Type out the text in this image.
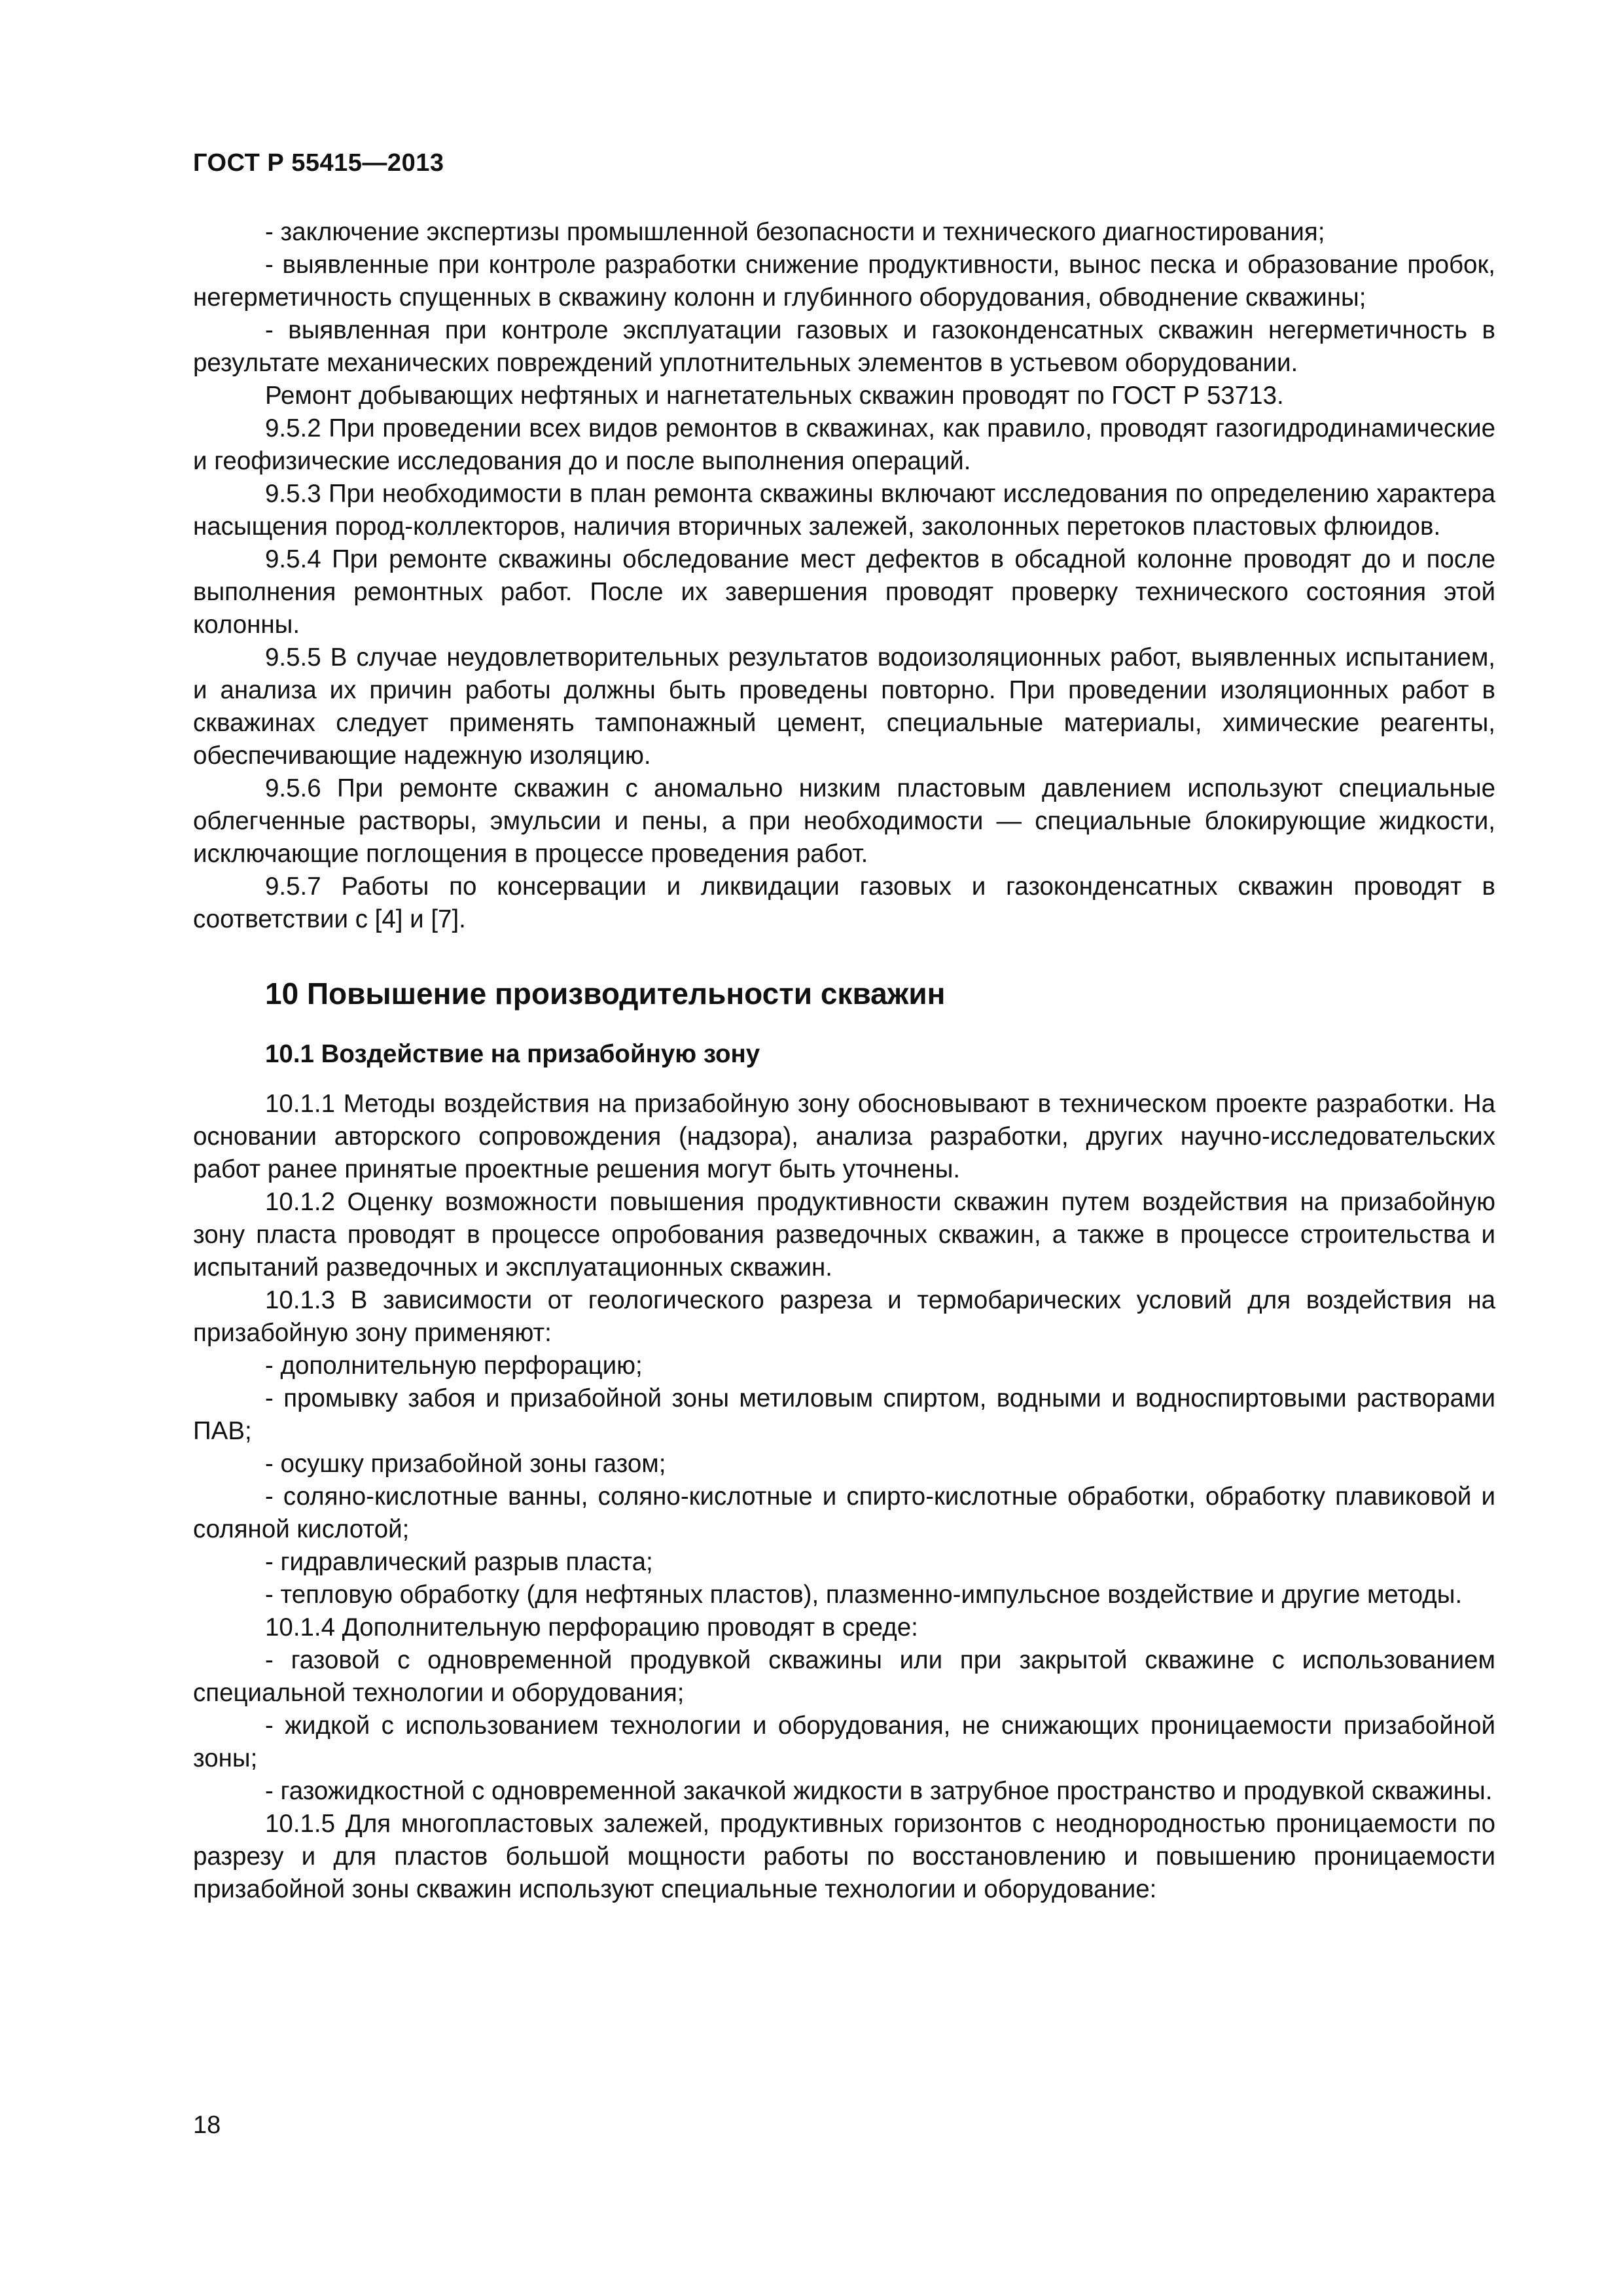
ГОСТ Р 55415—2013

- заключение экспертизы промышленной безопасности и технического диагностирования;

- выявленные при контроле разработки снижение продуктивности, вынос песка и образование пробок, негерметичность спущенных в скважину колонн и глубинного оборудования, обводнение скважины;

- выявленная при контроле эксплуатации газовых и газоконденсатных скважин негерметичность в результате механических повреждений уплотнительных элементов в устьевом оборудовании.

Ремонт добывающих нефтяных и нагнетательных скважин проводят по ГОСТ Р 53713.

9.5.2 При проведении всех видов ремонтов в скважинах, как правило, проводят газогидродинамические и геофизические исследования до и после выполнения операций.

9.5.3 При необходимости в план ремонта скважины включают исследования по определению характера насыщения пород-коллекторов, наличия вторичных залежей, заколонных перетоков пластовых флюидов.

9.5.4 При ремонте скважины обследование мест дефектов в обсадной колонне проводят до и после выполнения ремонтных работ. После их завершения проводят проверку технического состояния этой колонны.

9.5.5 В случае неудовлетворительных результатов водоизоляционных работ, выявленных испытанием, и анализа их причин работы должны быть проведены повторно. При проведении изоляционных работ в скважинах следует применять тампонажный цемент, специальные материалы, химические реагенты, обеспечивающие надежную изоляцию.

9.5.6 При ремонте скважин с аномально низким пластовым давлением используют специальные облегченные растворы, эмульсии и пены, а при необходимости — специальные блокирующие жидкости, исключающие поглощения в процессе проведения работ.

9.5.7 Работы по консервации и ликвидации газовых и газоконденсатных скважин проводят в соответствии с [4] и [7].

10 Повышение производительности скважин
10.1 Воздействие на призабойную зону

10.1.1 Методы воздействия на призабойную зону обосновывают в техническом проекте разработки. На основании авторского сопровождения (надзора), анализа разработки, других научно-исследовательских работ ранее принятые проектные решения могут быть уточнены.

10.1.2 Оценку возможности повышения продуктивности скважин путем воздействия на призабойную зону пласта проводят в процессе опробования разведочных скважин, а также в процессе строительства и испытаний разведочных и эксплуатационных скважин.

10.1.3 В зависимости от геологического разреза и термобарических условий для воздействия на призабойную зону применяют:

- дополнительную перфорацию;

- промывку забоя и призабойной зоны метиловым спиртом, водными и водноспиртовыми растворами ПАВ;

- осушку призабойной зоны газом;

- соляно-кислотные ванны, соляно-кислотные и спирто-кислотные обработки, обработку плавиковой и соляной кислотой;

- гидравлический разрыв пласта;

- тепловую обработку (для нефтяных пластов), плазменно-импульсное воздействие и другие методы.

10.1.4 Дополнительную перфорацию проводят в среде:

- газовой с одновременной продувкой скважины или при закрытой скважине с использованием специальной технологии и оборудования;

- жидкой с использованием технологии и оборудования, не снижающих проницаемости призабойной зоны;

- газожидкостной с одновременной закачкой жидкости в затрубное пространство и продувкой скважины.

10.1.5 Для многопластовых залежей, продуктивных горизонтов с неоднородностью проницаемости по разрезу и для пластов большой мощности работы по восстановлению и повышению проницаемости призабойной зоны скважин используют специальные технологии и оборудование:

18
